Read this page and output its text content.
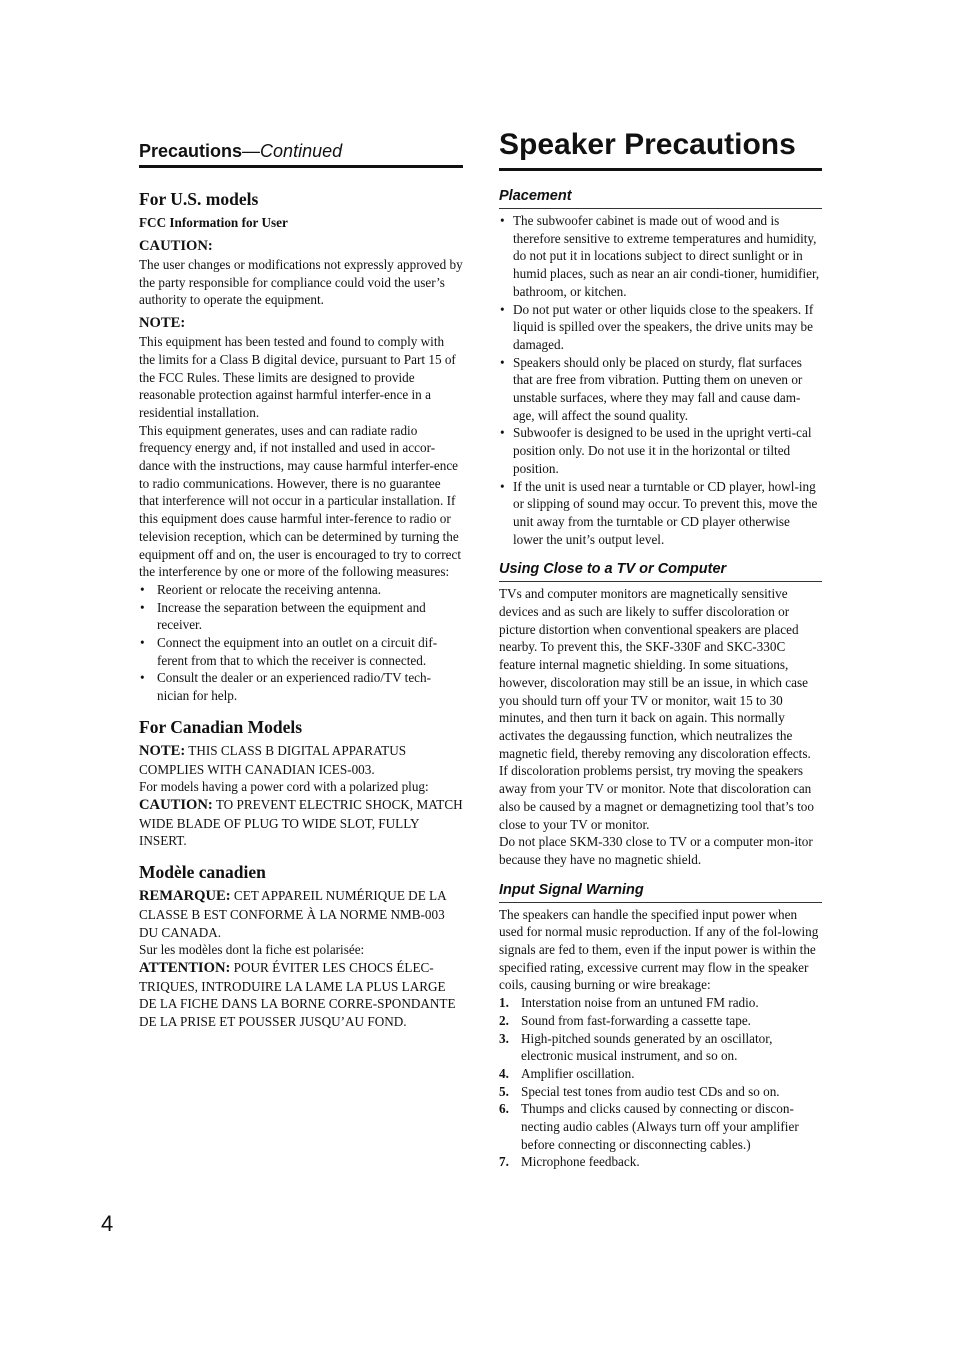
Precautions—Continued
For U.S. models
FCC Information for User
CAUTION:

The user changes or modifications not expressly approved by the party responsible for compliance could void the user’s authority to operate the equipment.

NOTE:

This equipment has been tested and found to comply with the limits for a Class B digital device, pursuant to Part 15 of the FCC Rules. These limits are designed to provide reasonable protection against harmful interfer-ence in a residential installation.

This equipment generates, uses and can radiate radio frequency energy and, if not installed and used in accor-dance with the instructions, may cause harmful interfer-ence to radio communications. However, there is no guarantee that interference will not occur in a particular installation. If this equipment does cause harmful inter-ference to radio or television reception, which can be determined by turning the equipment off and on, the user is encouraged to try to correct the interference by one or more of the following measures:

• Reorient or relocate the receiving antenna.
• Increase the separation between the equipment and receiver.
• Connect the equipment into an outlet on a circuit dif-ferent from that to which the receiver is connected.
• Consult the dealer or an experienced radio/TV tech-nician for help.
For Canadian Models

NOTE: THIS CLASS B DIGITAL APPARATUS COMPLIES WITH CANADIAN ICES-003.

For models having a power cord with a polarized plug:

CAUTION: TO PREVENT ELECTRIC SHOCK, MATCH WIDE BLADE OF PLUG TO WIDE SLOT, FULLY INSERT.

Modèle canadien

REMARQUE: CET APPAREIL NUMÉRIQUE DE LA CLASSE B EST CONFORME À LA NORME NMB-003 DU CANADA.

Sur les modèles dont la fiche est polarisée:

ATTENTION: POUR ÉVITER LES CHOCS ÉLEC-TRIQUES, INTRODUIRE LA LAME LA PLUS LARGE DE LA FICHE DANS LA BORNE CORRE-SPONDANTE DE LA PRISE ET POUSSER JUSQU’AU FOND.

Speaker Precautions
Placement
• The subwoofer cabinet is made out of wood and is therefore sensitive to extreme temperatures and humidity, do not put it in locations subject to direct sunlight or in humid places, such as near an air condi-tioner, humidifier, bathroom, or kitchen.
• Do not put water or other liquids close to the speakers. If liquid is spilled over the speakers, the drive units may be damaged.
• Speakers should only be placed on sturdy, flat surfaces that are free from vibration. Putting them on uneven or unstable surfaces, where they may fall and cause dam-age, will affect the sound quality.
• Subwoofer is designed to be used in the upright verti-cal position only. Do not use it in the horizontal or tilted position.
• If the unit is used near a turntable or CD player, howl-ing or slipping of sound may occur. To prevent this, move the unit away from the turntable or CD player otherwise lower the unit’s output level.
Using Close to a TV or Computer

TVs and computer monitors are magnetically sensitive devices and as such are likely to suffer discoloration or picture distortion when conventional speakers are placed nearby. To prevent this, the SKF-330F and SKC-330C feature internal magnetic shielding. In some situations, however, discoloration may still be an issue, in which case you should turn off your TV or monitor, wait 15 to 30 minutes, and then turn it back on again. This normally activates the degaussing function, which neutralizes the magnetic field, thereby removing any discoloration effects. If discoloration problems persist, try moving the speakers away from your TV or monitor. Note that discoloration can also be caused by a magnet or demagnetizing tool that’s too close to your TV or monitor.

Do not place SKM-330 close to TV or a computer mon-itor because they have no magnetic shield.

Input Signal Warning

The speakers can handle the specified input power when used for normal music reproduction. If any of the fol-lowing signals are fed to them, even if the input power is within the specified rating, excessive current may flow in the speaker coils, causing burning or wire breakage:

1. Interstation noise from an untuned FM radio.
2. Sound from fast-forwarding a cassette tape.
3. High-pitched sounds generated by an oscillator, electronic musical instrument, and so on.
4. Amplifier oscillation.
5. Special test tones from audio test CDs and so on.
6. Thumps and clicks caused by connecting or discon-necting audio cables (Always turn off your amplifier before connecting or disconnecting cables.)
7. Microphone feedback.
4
